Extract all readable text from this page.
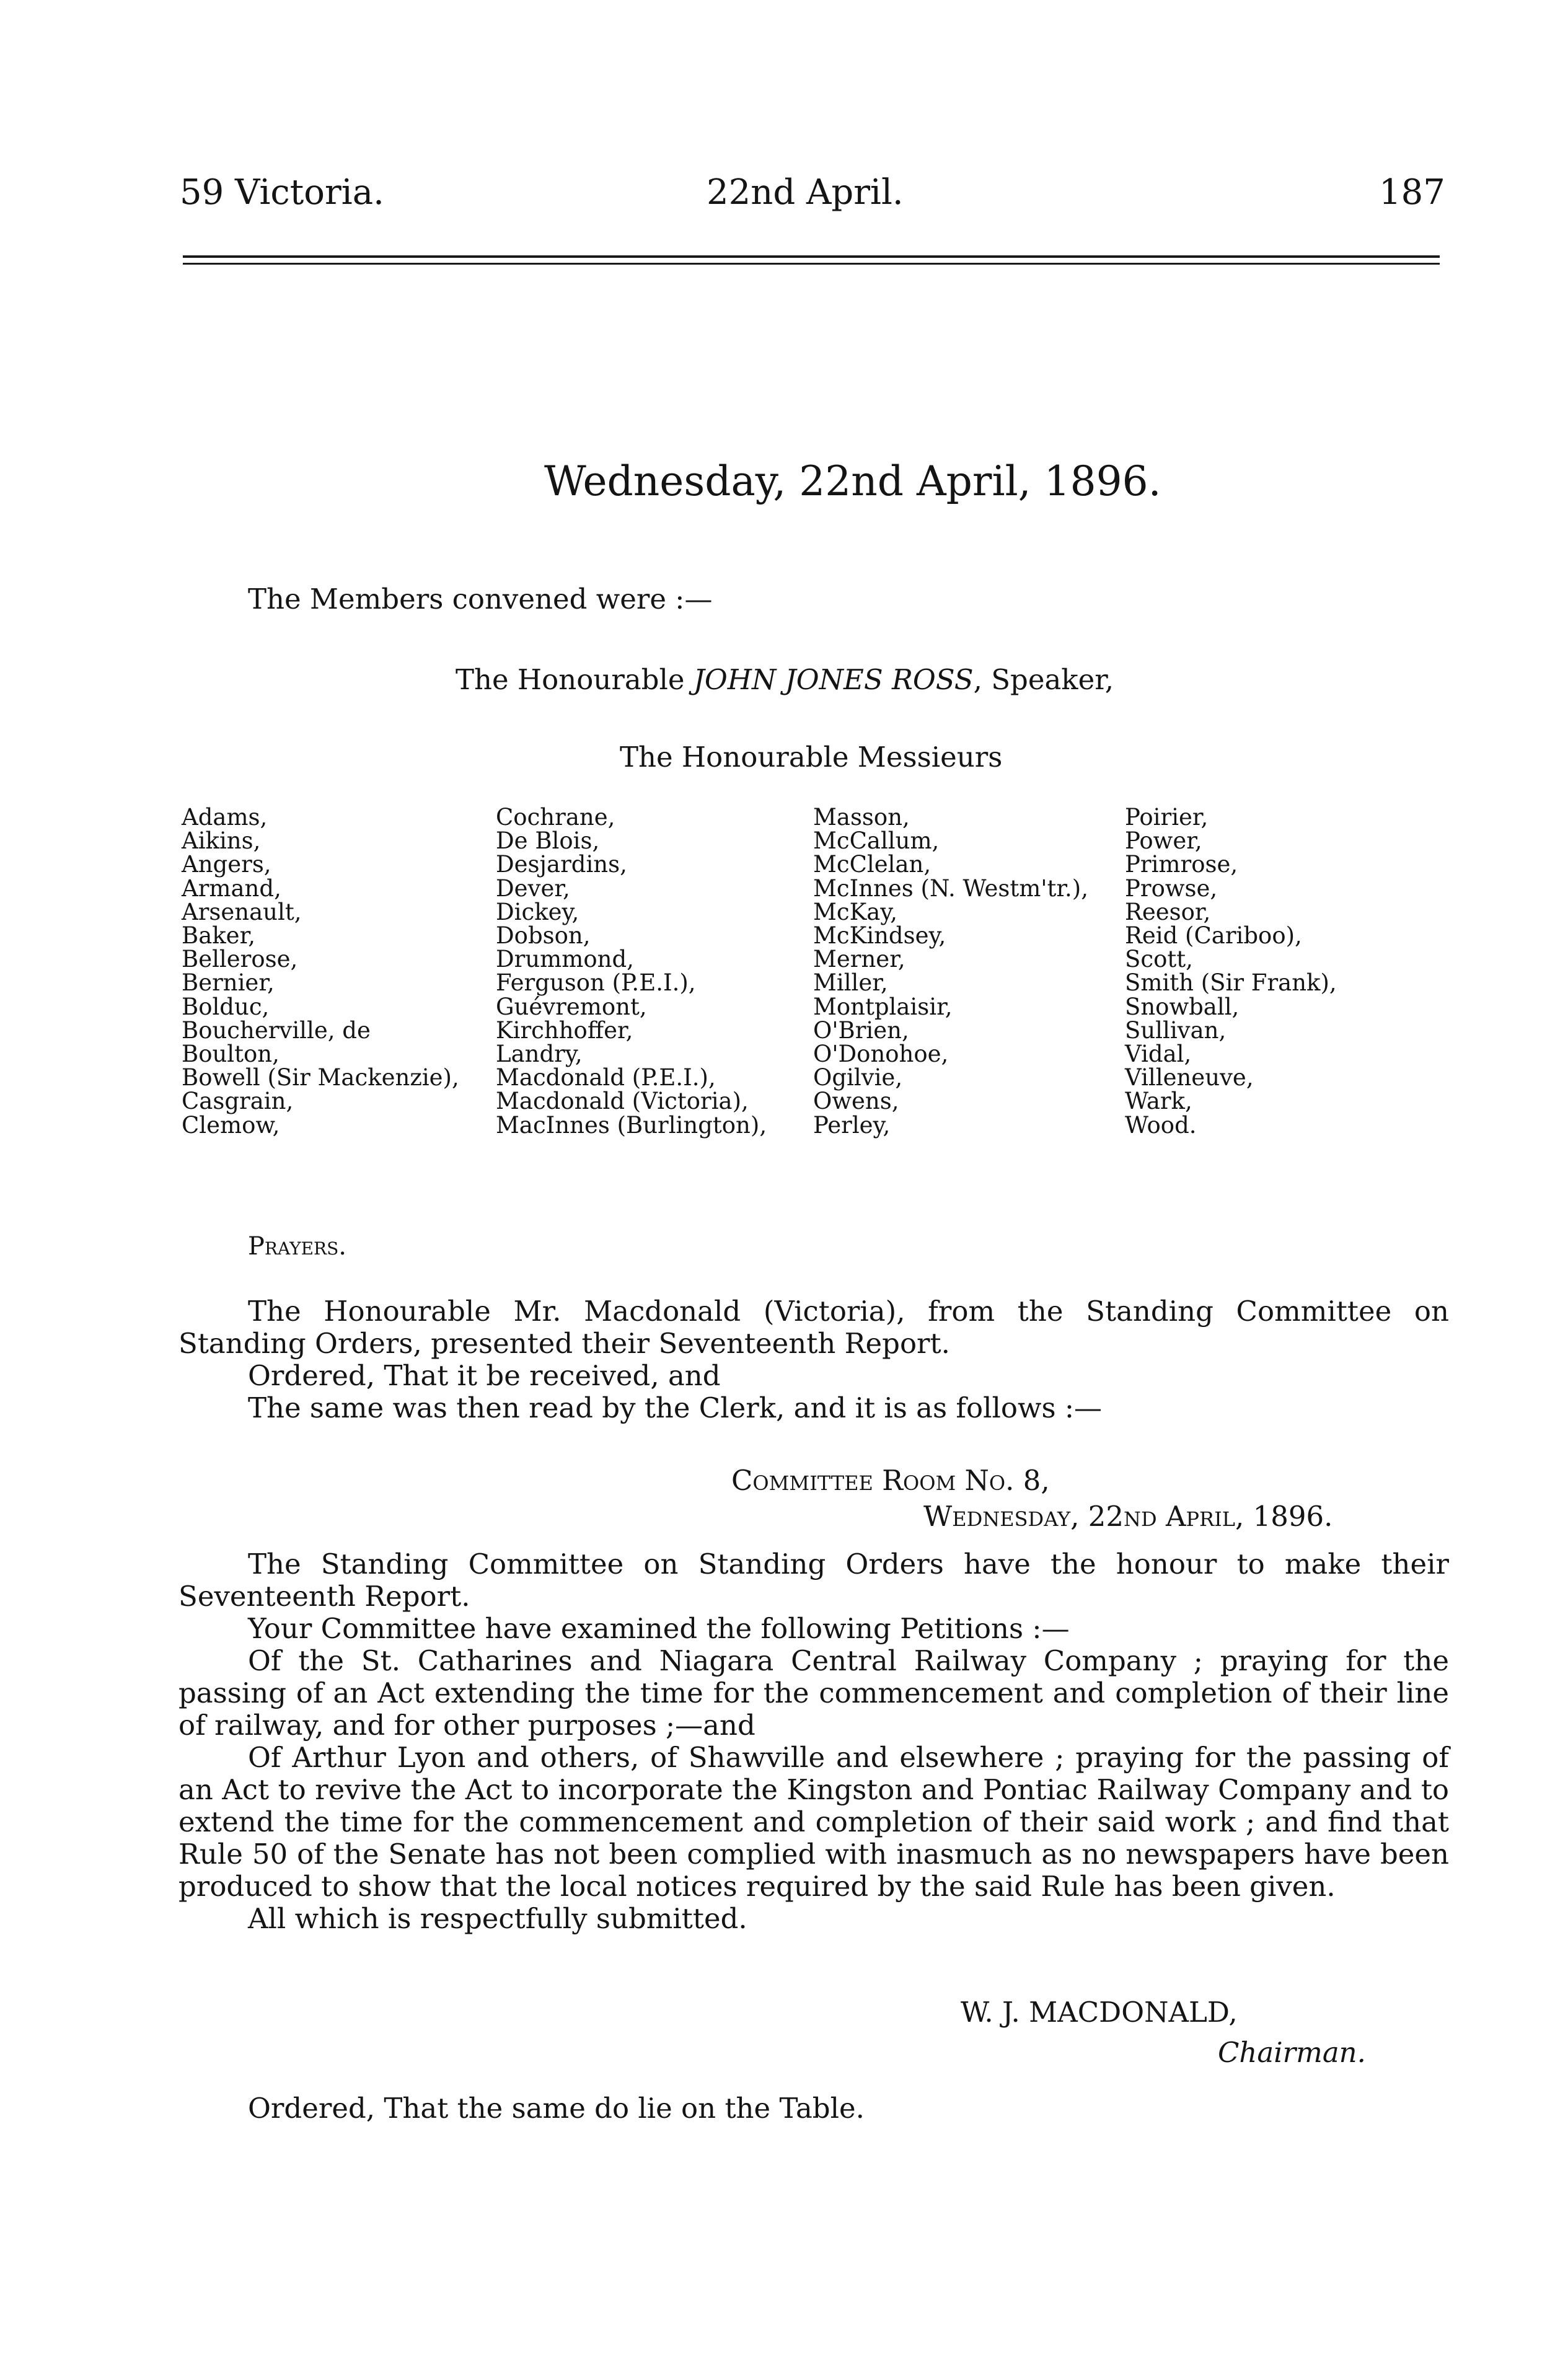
59 Victoria.	22nd April.	187
Wednesday, 22nd April, 1896.
The Members convened were :—
The Honourable JOHN JONES ROSS, Speaker,
The Honourable Messieurs
Adams,
Aikins,
Angers,
Armand,
Arsenault,
Baker,
Bellerose,
Bernier,
Bolduc,
Boucherville, de
Boulton,
Bowell (Sir Mackenzie),
Casgrain,
Clemow,
Cochrane,
De Blois,
Desjardins,
Dever,
Dickey,
Dobson,
Drummond,
Ferguson (P.E.I.),
Guévremont,
Kirchhoffer,
Landry,
Macdonald (P.E.I.),
Macdonald (Victoria),
MacInnes (Burlington),
Masson,
McCallum,
McClelan,
McInnes (N. Westm'tr.),
McKay,
McKindsey,
Merner,
Miller,
Montplaisir,
O'Brien,
O'Donohoe,
Ogilvie,
Owens,
Perley,
Poirier,
Power,
Primrose,
Prowse,
Reesor,
Reid (Cariboo),
Scott,
Smith (Sir Frank),
Snowball,
Sullivan,
Vidal,
Villeneuve,
Wark,
Wood.
Prayers.
The Honourable Mr. Macdonald (Victoria), from the Standing Committee on
Standing Orders, presented their Seventeenth Report.
Ordered, That it be received, and
The same was then read by the Clerk, and it is as follows :—
Committee Room No. 8,
Wednesday, 22nd April, 1896.

The Standing Committee on Standing Orders have the honour to make their Seventeenth Report.

Your Committee have examined the following Petitions :—

Of the St. Catharines and Niagara Central Railway Company ; praying for the passing of an Act extending the time for the commencement and completion of their line of railway, and for other purposes ;—and

Of Arthur Lyon and others, of Shawville and elsewhere ; praying for the passing of an Act to revive the Act to incorporate the Kingston and Pontiac Railway Company and to extend the time for the commencement and completion of their said work ; and find that Rule 50 of the Senate has not been complied with inasmuch as no newspapers have been produced to show that the local notices required by the said Rule has been given.

All which is respectfully submitted.

W. J. MACDONALD,
Chairman.
Ordered, That the same do lie on the Table.
